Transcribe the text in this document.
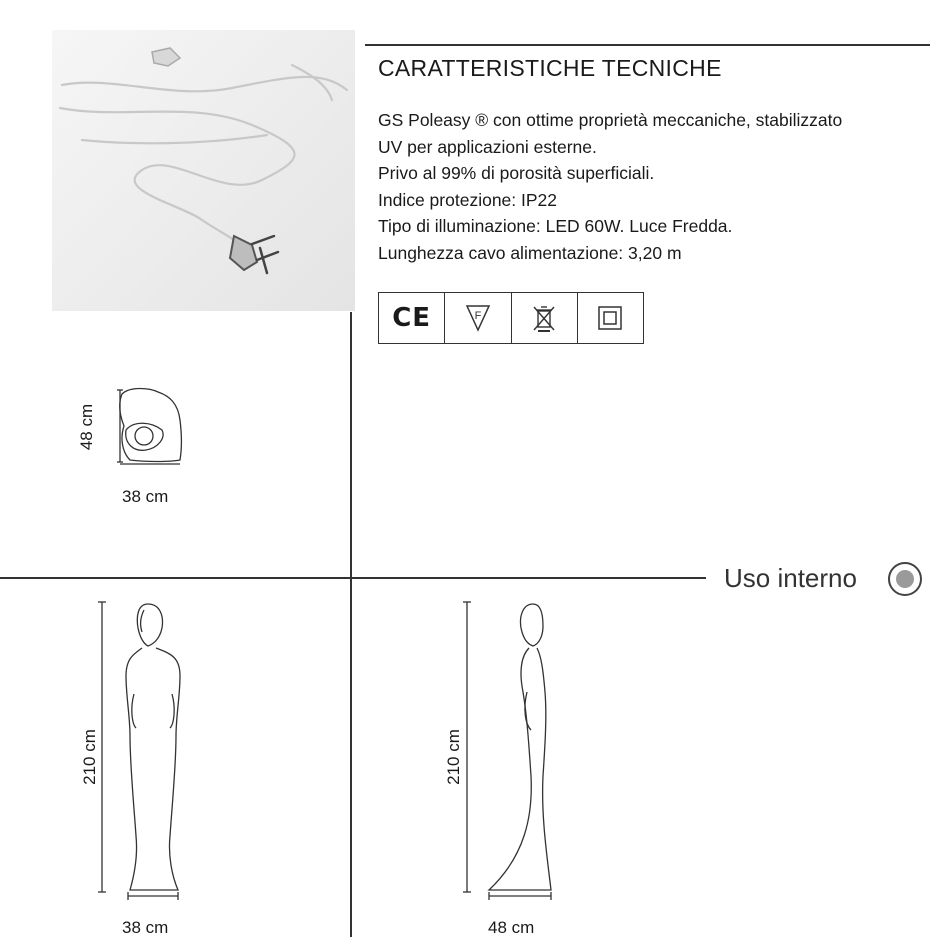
CARATTERISTICHE TECNICHE
GS Poleasy ® con ottime proprietà meccaniche, stabilizzato
UV per applicazioni esterne.
Privo al 99% di porosità superficiali.
Indice protezione: IP22
Tipo di illuminazione: LED 60W. Luce Fredda.
Lunghezza cavo alimentazione: 3,20 m
CE	F
48 cm
38 cm
Uso interno
210 cm
38 cm
210 cm
48 cm
